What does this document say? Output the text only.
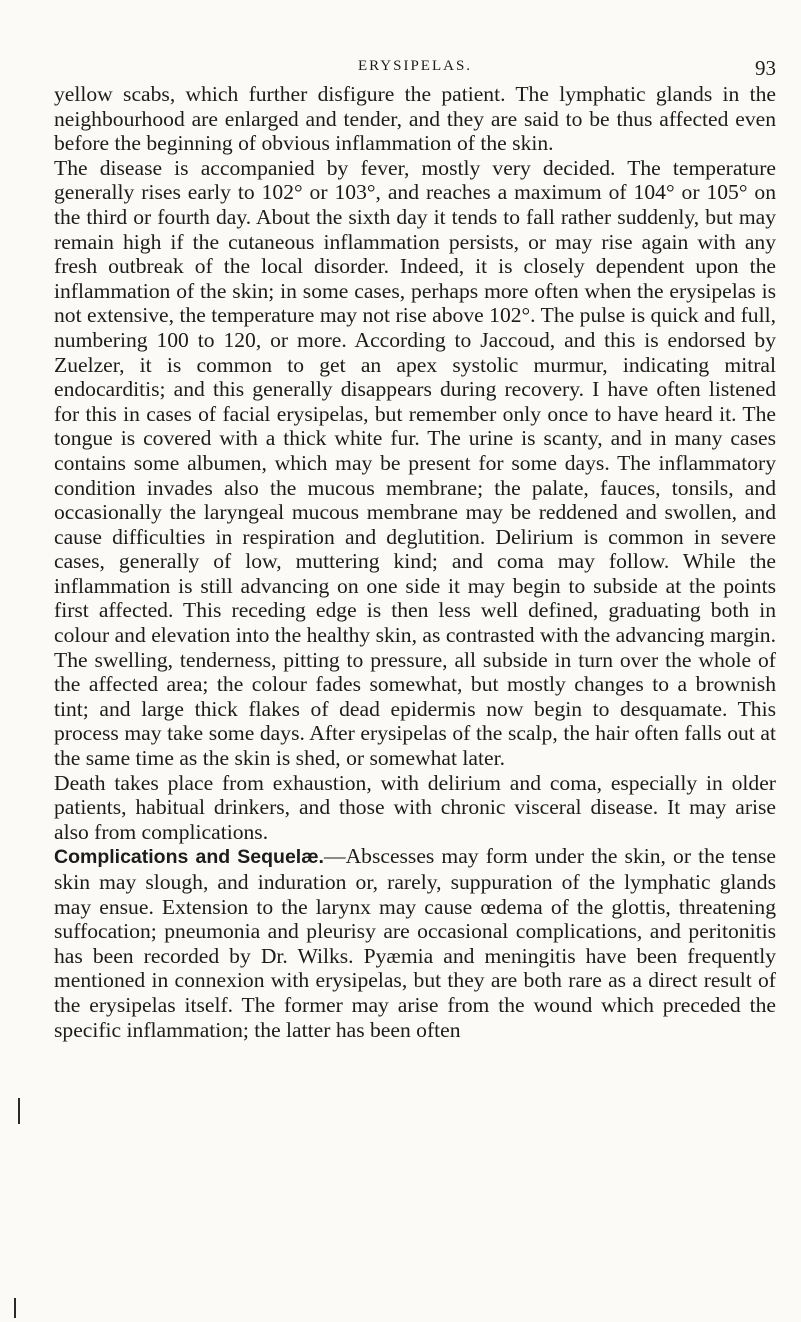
ERYSIPELAS.	93

yellow scabs, which further disfigure the patient. The lymphatic glands in the neighbourhood are enlarged and tender, and they are said to be thus affected even before the beginning of obvious inflammation of the skin.

The disease is accompanied by fever, mostly very decided. The temperature generally rises early to 102° or 103°, and reaches a maximum of 104° or 105° on the third or fourth day. About the sixth day it tends to fall rather suddenly, but may remain high if the cutaneous inflammation persists, or may rise again with any fresh outbreak of the local disorder. Indeed, it is closely dependent upon the inflammation of the skin; in some cases, perhaps more often when the erysipelas is not extensive, the temperature may not rise above 102°. The pulse is quick and full, numbering 100 to 120, or more. According to Jaccoud, and this is endorsed by Zuelzer, it is common to get an apex systolic murmur, indicating mitral endocarditis; and this generally disappears during recovery. I have often listened for this in cases of facial erysipelas, but remember only once to have heard it. The tongue is covered with a thick white fur. The urine is scanty, and in many cases contains some albumen, which may be present for some days. The inflammatory condition invades also the mucous membrane; the palate, fauces, tonsils, and occasionally the laryngeal mucous membrane may be reddened and swollen, and cause difficulties in respiration and deglutition. Delirium is common in severe cases, generally of low, muttering kind; and coma may follow. While the inflammation is still advancing on one side it may begin to subside at the points first affected. This receding edge is then less well defined, graduating both in colour and elevation into the healthy skin, as contrasted with the advancing margin. The swelling, tenderness, pitting to pressure, all subside in turn over the whole of the affected area; the colour fades somewhat, but mostly changes to a brownish tint; and large thick flakes of dead epidermis now begin to desquamate. This process may take some days. After erysipelas of the scalp, the hair often falls out at the same time as the skin is shed, or somewhat later.

Death takes place from exhaustion, with delirium and coma, especially in older patients, habitual drinkers, and those with chronic visceral disease. It may arise also from complications.

Complications and Sequelæ.—Abscesses may form under the skin, or the tense skin may slough, and induration or, rarely, suppuration of the lymphatic glands may ensue. Extension to the larynx may cause œdema of the glottis, threatening suffocation; pneumonia and pleurisy are occasional complications, and peritonitis has been recorded by Dr. Wilks. Pyæmia and meningitis have been frequently mentioned in connexion with erysipelas, but they are both rare as a direct result of the erysipelas itself. The former may arise from the wound which preceded the specific inflammation; the latter has been often
